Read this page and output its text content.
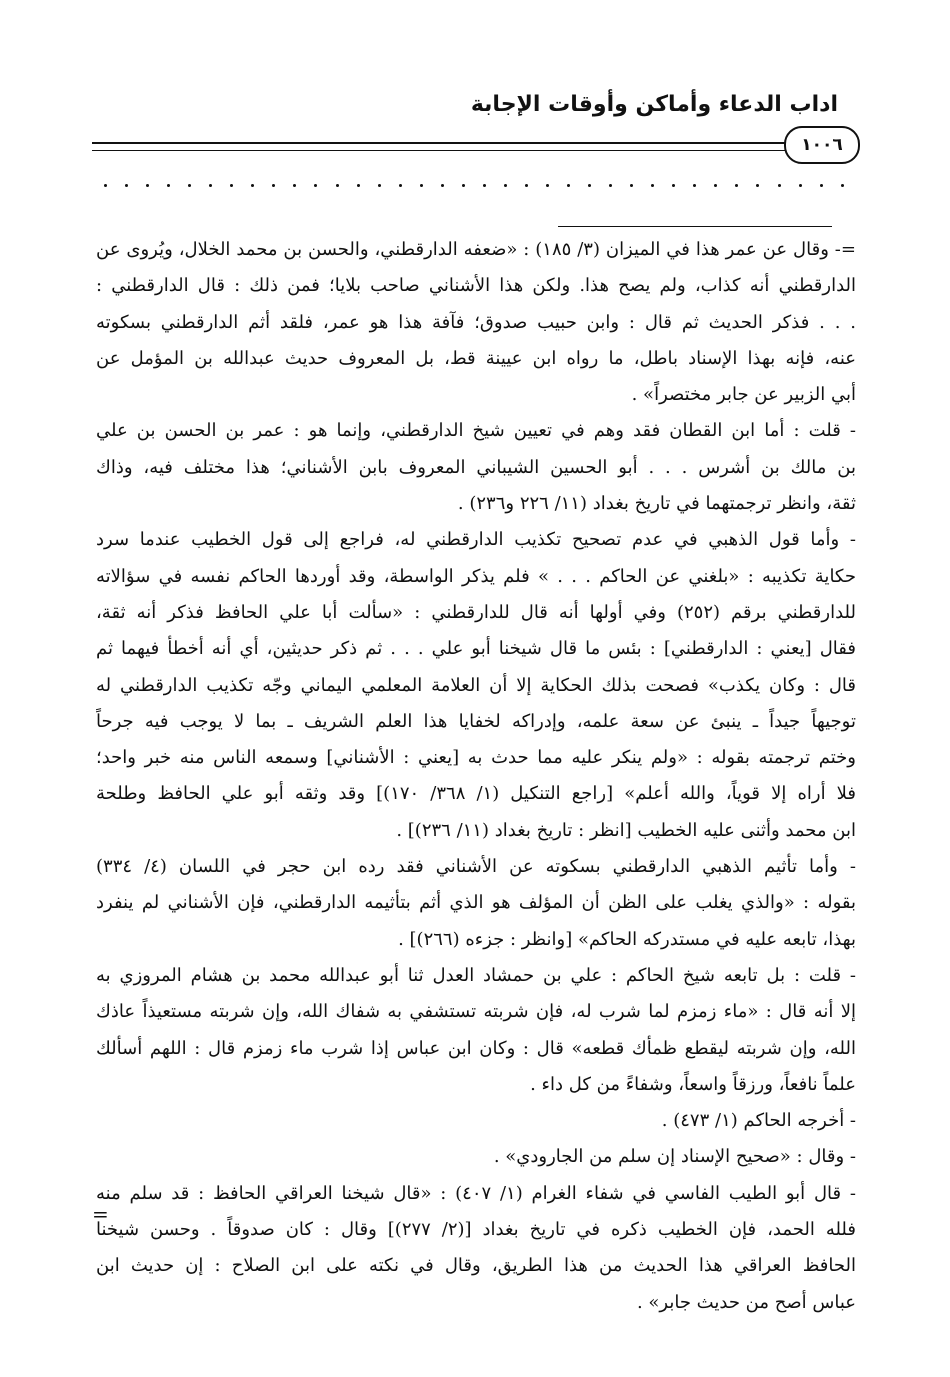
اداب الدعاء وأماكن وأوقات الإجابة
١٠٠٦
=- وقال عن عمر هذا في الميزان (٣/ ١٨٥) : «ضعفه الدارقطني، والحسن بن محمد الخلال، ويُروى عن
الدارقطني أنه كذاب، ولم يصح هذا. ولكن هذا الأشناني صاحب بلايا؛ فمن ذلك : قال الدارقطني :
. . . فذكر الحديث ثم قال : وابن حبيب صدوق؛ فآفة هذا هو عمر، فلقد أثم الدارقطني بسكوته
عنه، فإنه بهذا الإسناد باطل، ما رواه ابن عيينة قط، بل المعروف حديث عبدالله بن المؤمل عن
أبي الزبير عن جابر مختصراً» .
- قلت : أما ابن القطان فقد وهم في تعيين شيخ الدارقطني، وإنما هو : عمر بن الحسن بن علي
بن مالك بن أشرس . . . أبو الحسين الشيباني المعروف بابن الأشناني؛ هذا مختلف فيه، وذاك
ثقة، وانظر ترجمتهما في تاريخ بغداد (١١/ ٢٢٦ و٢٣٦) .
- وأما قول الذهبي في عدم تصحيح تكذيب الدارقطني له، فراجع إلى قول الخطيب عندما سرد
حكاية تكذيبه : «بلغني عن الحاكم . . . » فلم يذكر الواسطة، وقد أوردها الحاكم نفسه في سؤالاته
للدارقطني برقم (٢٥٢) وفي أولها أنه قال للدارقطني : «سألت أبا علي الحافظ فذكر أنه ثقة،
فقال [يعني : الدارقطني] : بئس ما قال شيخنا أبو علي . . . ثم ذكر حديثين، أي أنه أخطأ فيهما ثم
قال : وكان يكذب» فصحت بذلك الحكاية إلا أن العلامة المعلمي اليماني وجّه تكذيب الدارقطني له
توجيهاً جيداً ـ ينبئ عن سعة علمه، وإدراكه لخفايا هذا العلم الشريف ـ بما لا يوجب فيه جرحاً
وختم ترجمته بقوله : «ولم ينكر عليه مما حدث به [يعني : الأشناني] وسمعه الناس منه خبر واحد؛
فلا أراه إلا قوياً، والله أعلم» [راجع التنكيل (١/ ٣٦٨/ ١٧٠)] وقد وثقه أبو علي الحافظ وطلحة
ابن محمد وأثنى عليه الخطيب [انظر : تاريخ بغداد (١١/ ٢٣٦)] .
- وأما تأثيم الذهبي الدارقطني بسكوته عن الأشناني فقد رده ابن حجر في اللسان (٤/ ٣٣٤)
بقوله : «والذي يغلب على الظن أن المؤلف هو الذي أثم بتأثيمه الدارقطني، فإن الأشناني لم ينفرد
بهذا، تابعه عليه في مستدركه الحاكم» [وانظر : جزءه (٢٦٦)] .
- قلت : بل تابعه شيخ الحاكم : علي بن حمشاد العدل ثنا أبو عبدالله محمد بن هشام المروزي به
إلا أنه قال : «ماء زمزم لما شرب له، فإن شربته تستشفي به شفاك الله، وإن شربته مستعيذاً عاذك
الله، وإن شربته ليقطع ظمأك قطعه» قال : وكان ابن عباس إذا شرب ماء زمزم قال : اللهم أسألك
علماً نافعاً، ورزقاً واسعاً، وشفاءً من كل داء .
- أخرجه الحاكم (١/ ٤٧٣) .
- وقال : «صحيح الإسناد إن سلم من الجارودي» .
- قال أبو الطيب الفاسي في شفاء الغرام (١/ ٤٠٧) : «قال شيخنا العراقي الحافظ : قد سلم منه
فلله الحمد، فإن الخطيب ذكره في تاريخ بغداد [(٢/ ٢٧٧)] وقال : كان صدوقاً . وحسن شيخنا
الحافظ العراقي هذا الحديث من هذا الطريق، وقال في نكته على ابن الصلاح : إن حديث ابن
عباس أصح من حديث جابر» .
=
